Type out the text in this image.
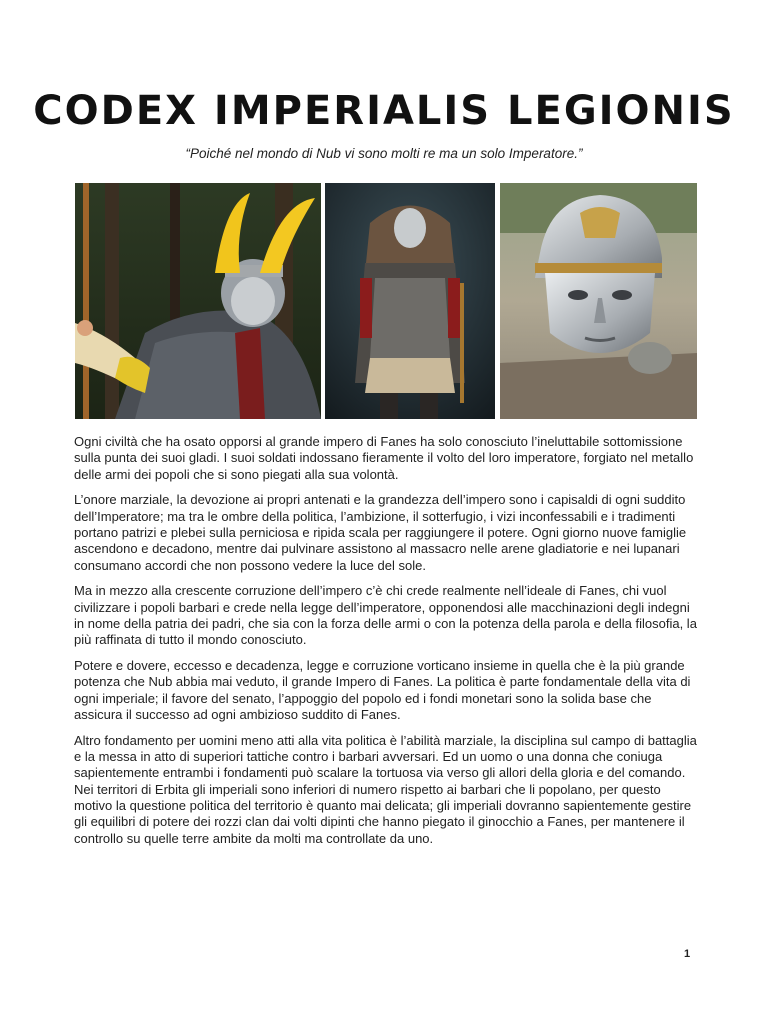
CODEX IMPERIALIS LEGIONIS
“Poiché nel mondo di Nub vi sono molti re ma un solo Imperatore.”

Ogni civiltà che ha osato opporsi al grande impero di Fanes ha solo conosciuto l’ineluttabile sottomissione sulla punta dei suoi gladi. I suoi soldati indossano fieramente il volto del loro imperatore, forgiato nel metallo delle armi dei popoli che si sono piegati alla sua volontà.

L’onore marziale, la devozione ai propri antenati e la grandezza dell’impero sono i capisaldi di ogni suddito dell’Imperatore; ma tra le ombre della politica, l’ambizione, il sotterfugio, i vizi inconfessabili e i tradimenti portano patrizi e plebei sulla perniciosa e ripida scala per raggiungere il potere. Ogni giorno nuove famiglie ascendono e decadono, mentre dai pulvinare assistono al massacro nelle arene gladiatorie e nei lupanari consumano accordi che non possono vedere la luce del sole.

Ma in mezzo alla crescente corruzione dell’impero c’è chi crede realmente nell’ideale di Fanes, chi vuol civilizzare i popoli barbari e crede nella legge dell’imperatore, opponendosi alle macchinazioni degli indegni in nome della patria dei padri, che sia con la forza delle armi o con la potenza della parola e della filosofia, la più raffinata di tutto il mondo conosciuto.

Potere e dovere, eccesso e decadenza, legge e corruzione vorticano insieme in quella che è la più grande potenza che Nub abbia mai veduto, il grande Impero di Fanes. La politica è parte fondamentale della vita di ogni imperiale; il favore del senato, l’appoggio del popolo ed i fondi monetari sono la solida base che assicura il successo ad ogni ambizioso suddito di Fanes.

Altro fondamento per uomini meno atti alla vita politica è l’abilità marziale, la disciplina sul campo di battaglia e la messa in atto di superiori tattiche contro i barbari avversari. Ed un uomo o una donna che coniuga sapientemente entrambi i fondamenti può scalare la tortuosa via verso gli allori della gloria e del comando. Nei territori di Erbita gli imperiali sono inferiori di numero rispetto ai barbari che li popolano, per questo motivo la questione politica del territorio è quanto mai delicata; gli imperiali dovranno sapientemente gestire gli equilibri di potere dei rozzi clan dai volti dipinti che hanno piegato il ginocchio a Fanes, per mantenere il controllo su quelle terre ambite da molti ma controllate da uno.

1
